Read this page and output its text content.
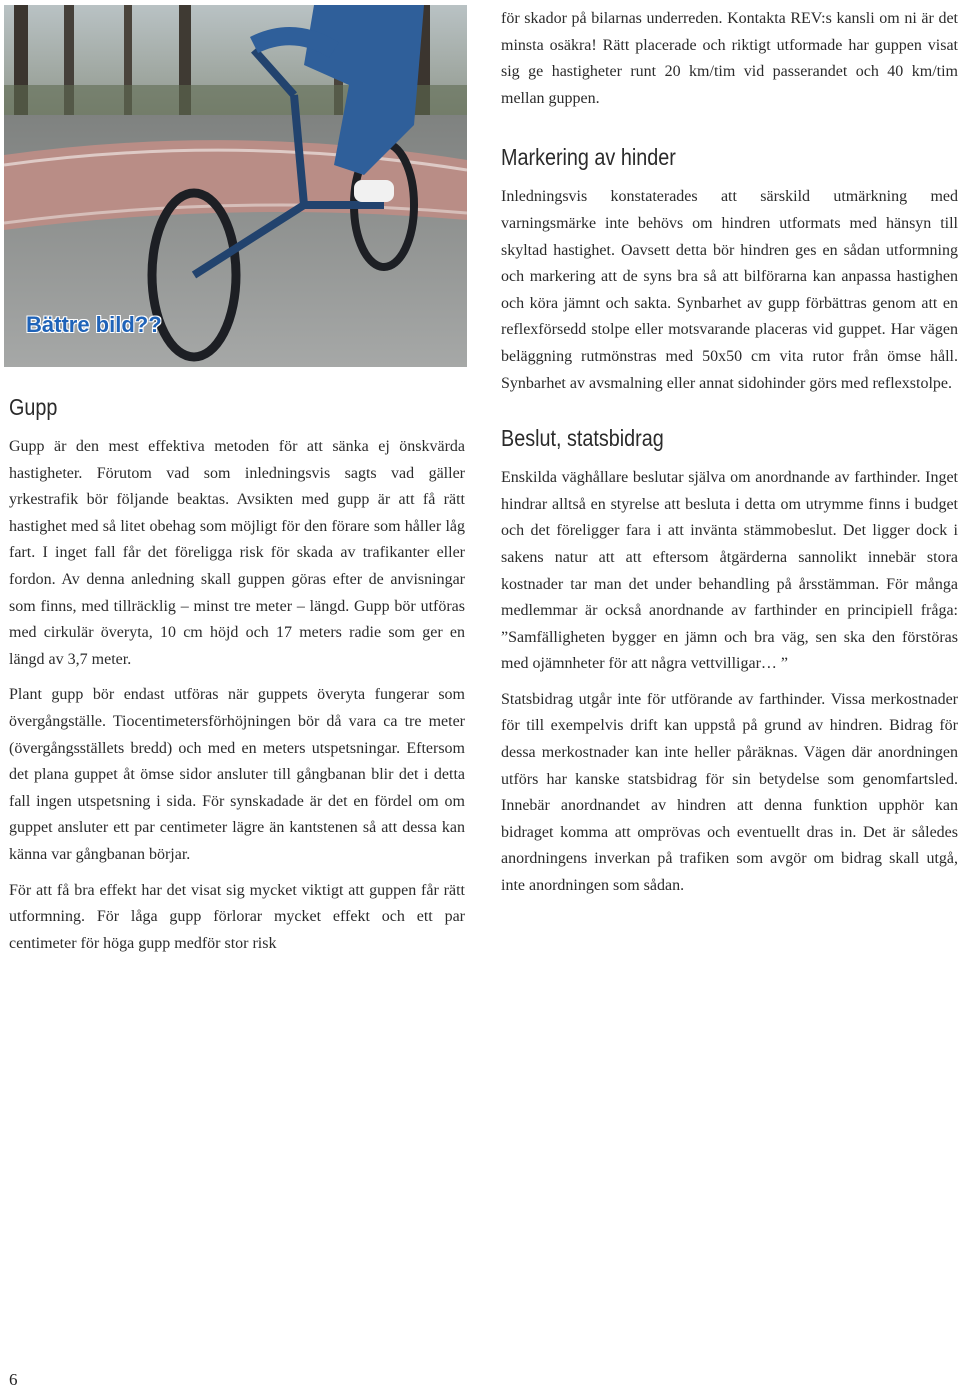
Bättre bild??
Gupp

Gupp är den mest effektiva metoden för att sänka ej önskvärda hastigheter. Förutom vad som inledningsvis sagts vad gäller yrkestrafik bör följande beaktas. Avsikten med gupp är att få rätt hastighet med så litet obehag som möjligt för den förare som håller låg fart. I inget fall får det föreligga risk för skada av trafikanter eller fordon. Av denna anledning skall guppen göras efter de anvisningar som finns, med tillräcklig – minst tre meter – längd. Gupp bör utföras med cirkulär överyta, 10 cm höjd och 17 meters radie som ger en längd av 3,7 meter.

Plant gupp bör endast utföras när guppets överyta fungerar som övergångställe. Tiocentimetersförhöjningen bör då vara ca tre meter (övergångsställets bredd) och med en meters utspetsningar. Eftersom det plana guppet åt ömse sidor ansluter till gångbanan blir det i detta fall ingen utspetsning i sida. För synskadade är det en fördel om om guppet ansluter ett par centimeter lägre än kantstenen så att dessa kan känna var gångbanan börjar.

För att få bra effekt har det visat sig mycket viktigt att guppen får rätt utformning. För låga gupp förlorar mycket effekt och ett par centimeter för höga gupp medför stor risk

för skador på bilarnas underreden. Kontakta REV:s kansli om ni är det minsta osäkra! Rätt placerade och riktigt utformade har guppen visat sig ge hastigheter runt 20 km/tim vid passerandet och 40 km/tim mellan guppen.

Markering av hinder

Inledningsvis konstaterades att särskild utmärkning med varningsmärke inte behövs om hindren utformats med hänsyn till skyltad hastighet. Oavsett detta bör hindren ges en sådan utformning och markering att de syns bra så att bilförarna kan anpassa hastighen och köra jämnt och sakta. Synbarhet av gupp förbättras genom att en reflexförsedd stolpe eller motsvarande placeras vid guppet. Har vägen beläggning rutmönstras med 50x50 cm vita rutor från ömse håll. Synbarhet av avsmalning eller annat sidohinder görs med reflexstolpe.

Beslut, statsbidrag

Enskilda väghållare beslutar själva om anordnande av farthinder. Inget hindrar alltså en styrelse att besluta i detta om utrymme finns i budget och det föreligger fara i att invänta stämmobeslut. Det ligger dock i sakens natur att att eftersom åtgärderna sannolikt innebär stora kostnader tar man det under behandling på årsstämman. För många medlemmar är också anordnande av farthinder en principiell fråga: ”Samfälligheten bygger en jämn och bra väg, sen ska den förstöras med ojämnheter för att några vettvilligar… ”

Statsbidrag utgår inte för utförande av farthinder. Vissa merkostnader för till exempelvis drift kan uppstå på grund av hindren. Bidrag för dessa merkostnader kan inte heller påräknas. Vägen där anordningen utförs har kanske statsbidrag för sin betydelse som genomfartsled. Innebär anordnandet av hindren att denna funktion upphör kan bidraget komma att omprövas och eventuellt dras in. Det är således anordningens inverkan på trafiken som avgör om bidrag skall utgå, inte anordningen som sådan.

6
